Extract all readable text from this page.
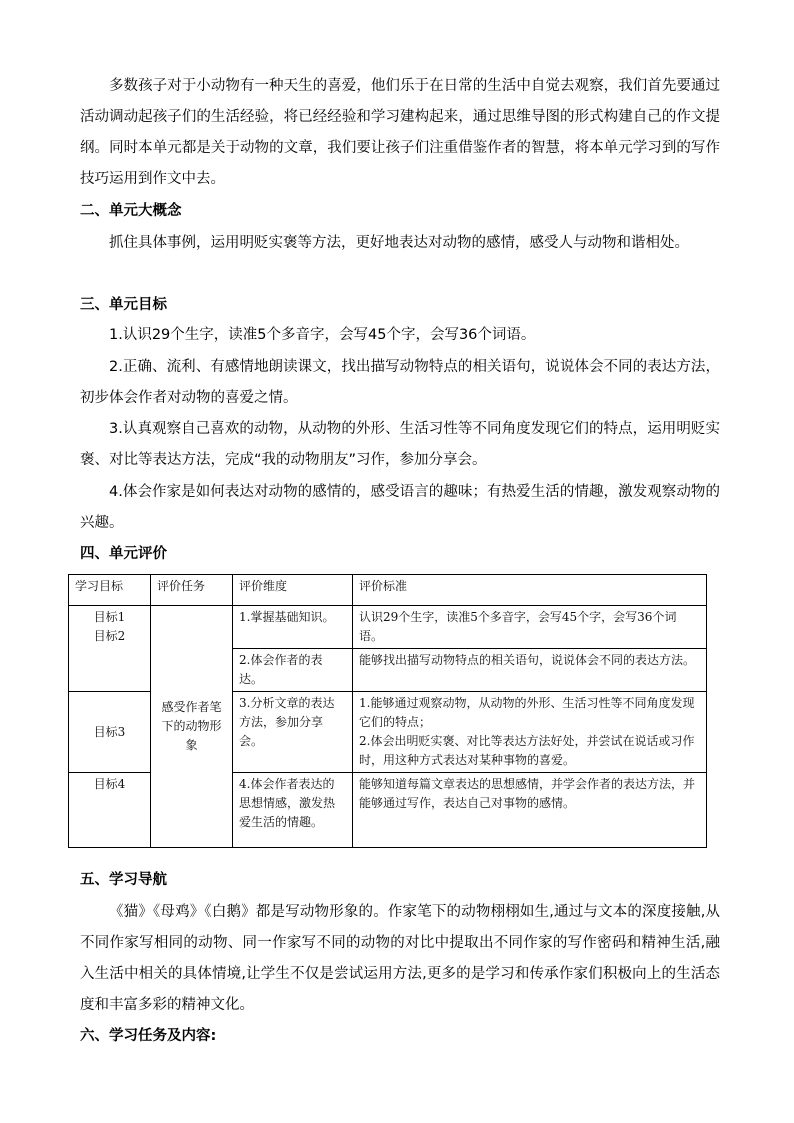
多数孩子对于小动物有一种天生的喜爱，他们乐于在日常的生活中自觉去观察，我们首先要通过活动调动起孩子们的生活经验，将已经经验和学习建构起来，通过思维导图的形式构建自己的作文提纲。同时本单元都是关于动物的文章，我们要让孩子们注重借鉴作者的智慧，将本单元学习到的写作技巧运用到作文中去。

二、单元大概念

抓住具体事例，运用明贬实褒等方法，更好地表达对动物的感情，感受人与动物和谐相处。

三、单元目标

1.认识29个生字，读准5个多音字，会写45个字，会写36个词语。

2.正确、流利、有感情地朗读课文，找出描写动物特点的相关语句，说说体会不同的表达方法，初步体会作者对动物的喜爱之情。

3.认真观察自己喜欢的动物，从动物的外形、生活习性等不同角度发现它们的特点，运用明贬实褒、对比等表达方法，完成“我的动物朋友”习作，参加分享会。

4.体会作家是如何表达对动物的感情的，感受语言的趣味；有热爱生活的情趣，激发观察动物的兴趣。

四、单元评价

学习目标	评价任务	评价维度	评价标准
目标1
目标2	感受作者笔下的动物形象	1.掌握基础知识。	认识29个生字，读准5个多音字，会写45个字，会写36个词语。
		2.体会作者的表达。	能够找出描写动物特点的相关语句，说说体会不同的表达方法。
目标3		3.分析文章的表达方法，参加分享会。	1.能够通过观察动物，从动物的外形、生活习性等不同角度发现它们的特点；
2.体会出明贬实褒、对比等表达方法好处，并尝试在说话或习作时，用这种方式表达对某种事物的喜爱。
目标4		4.体会作者表达的思想情感，激发热爱生活的情趣。	能够知道每篇文章表达的思想感情，并学会作者的表达方法，并能够通过写作，表达自己对事物的感情。

五、学习导航

《猫》《母鸡》《白鹅》都是写动物形象的。作家笔下的动物栩栩如生,通过与文本的深度接触,从不同作家写相同的动物、同一作家写不同的动物的对比中提取出不同作家的写作密码和精神生活,融入生活中相关的具体情境,让学生不仅是尝试运用方法,更多的是学习和传承作家们积极向上的生活态度和丰富多彩的精神文化。

六、学习任务及内容:
